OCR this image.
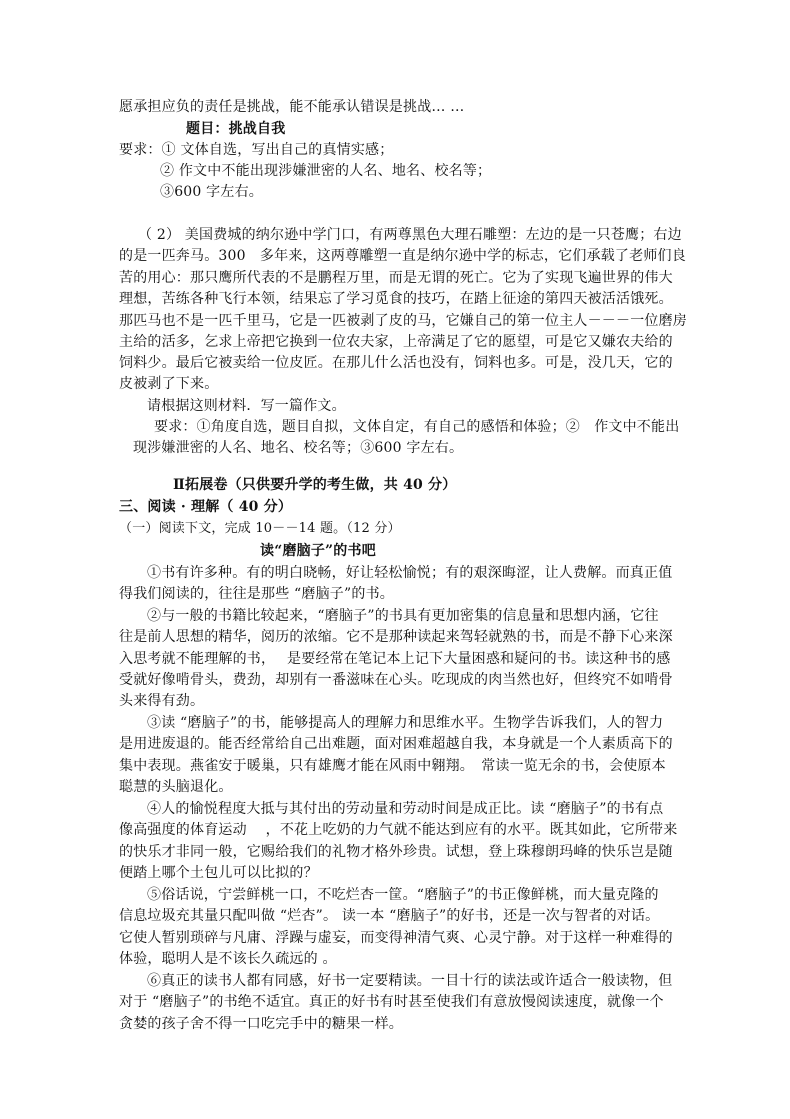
愿承担应负的责任是挑战，能不能承认错误是挑战… …
题目：挑战自我
要求：① 文体自选，写出自己的真情实感；
② 作文中不能出现涉嫌泄密的人名、地名、校名等；
③600 字左右。
（ 2） 美国费城的纳尔逊中学门口，有两尊黑色大理石雕塑：左边的是一只苍鹰；右边
的是一匹奔马。300　多年来，这两尊雕塑一直是纳尔逊中学的标志，它们承载了老师们良
苦的用心：那只鹰所代表的不是鹏程万里，而是无谓的死亡。它为了实现飞遍世界的伟大
理想，苦练各种飞行本领，结果忘了学习觅食的技巧，在踏上征途的第四天被活活饿死。
那匹马也不是一匹千里马，它是一匹被剥了皮的马，它嫌自己的第一位主人－－－一位磨房
主给的活多，乞求上帝把它换到一位农夫家，上帝满足了它的愿望，可是它又嫌农夫给的
饲料少。最后它被卖给一位皮匠。在那儿什么活也没有，饲料也多。可是，没几天，它的
皮被剥了下来。
请根据这则材料．写一篇作文。
要求：①角度自选，题目自拟，文体自定，有自己的感悟和体验；②　作文中不能出
现涉嫌泄密的人名、地名、校名等；③600 字左右。
Ⅱ拓展卷（只供要升学的考生做，共 40 分）
三、阅读 · 理解（ 40 分）
（一）阅读下文，完成 10－－14 题。（12 分）
读“磨脑子”的书吧
①书有许多种。有的明白晓畅，好让轻松愉悦；有的艰深晦涩，让人费解。而真正值
得我们阅读的，往往是那些 “磨脑子”的书。
②与一般的书籍比较起来，“磨脑子”的书具有更加密集的信息量和思想内涵，它往
往是前人思想的精华，阅历的浓缩。它不是那种读起来驾轻就熟的书，而是不静下心来深
入思考就不能理解的书，　 是要经常在笔记本上记下大量困惑和疑问的书。读这种书的感
受就好像啃骨头，费劲，却别有一番滋味在心头。吃现成的肉当然也好，但终究不如啃骨
头来得有劲。
③读 “磨脑子”的书，能够提高人的理解力和思维水平。生物学告诉我们，人的智力
是用进废退的。能否经常给自己出难题，面对困难超越自我，本身就是一个人素质高下的
集中表现。燕雀安于暖巢，只有雄鹰才能在风雨中翱翔。　常读一览无余的书，会使原本
聪慧的头脑退化。
④人的愉悦程度大抵与其付出的劳动量和劳动时间是成正比。读 “磨脑子”的书有点
像高强度的体育运动　 ，不花上吃奶的力气就不能达到应有的水平。既其如此，它所带来
的快乐才非同一般，它赐给我们的礼物才格外珍贵。试想，登上珠穆朗玛峰的快乐岂是随
便踏上哪个土包儿可以比拟的？
⑤俗话说，宁尝鲜桃一口，不吃烂杏一筐。“磨脑子”的书正像鲜桃，而大量克隆的
信息垃圾充其量只配叫做 “烂杏”。 读一本 “磨脑子”的好书，还是一次与智者的对话。
它使人暂别琐碎与凡庸、浮躁与虚妄，而变得神清气爽、心灵宁静。对于这样一种难得的
体验，聪明人是不该长久疏远的 。
⑥真正的读书人都有同感，好书一定要精读。一目十行的读法或许适合一般读物，但
对于 “磨脑子”的书绝不适宜。真正的好书有时甚至使我们有意放慢阅读速度，就像一个
贪婪的孩子舍不得一口吃完手中的糖果一样。
